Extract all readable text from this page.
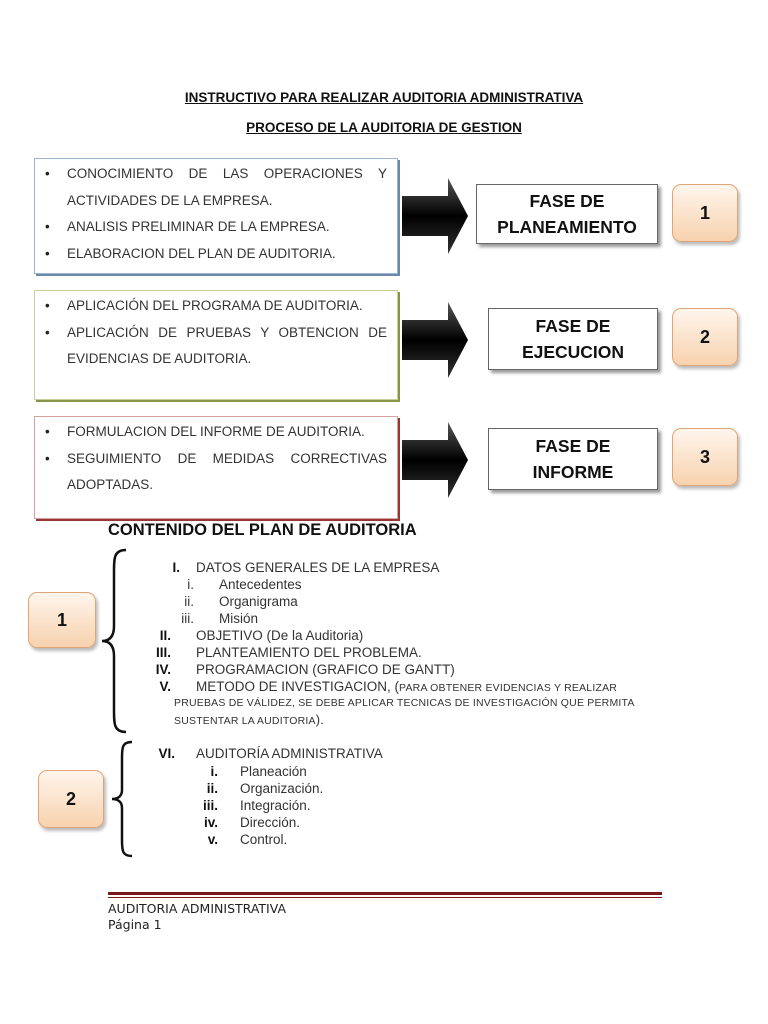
INSTRUCTIVO PARA REALIZAR AUDITORIA ADMINISTRATIVA
PROCESO DE LA AUDITORIA DE GESTION
• CONOCIMIENTO DE LAS OPERACIONES Y ACTIVIDADES DE LA EMPRESA.
• ANALISIS PRELIMINAR DE LA EMPRESA.
• ELABORACION DEL PLAN DE AUDITORIA.
FASE DE
PLANEAMIENTO
1
• APLICACIÓN DEL PROGRAMA DE AUDITORIA.
• APLICACIÓN DE PRUEBAS Y OBTENCION DE EVIDENCIAS DE AUDITORIA.
FASE DE
EJECUCION
2
• FORMULACION DEL INFORME DE AUDITORIA.
• SEGUIMIENTO DE MEDIDAS CORRECTIVAS ADOPTADAS.
FASE DE
INFORME
3
CONTENIDO DEL PLAN DE AUDITORIA
1
2
I. DATOS GENERALES DE LA EMPRESA
i. Antecedentes
ii. Organigrama
iii. Misión
II. OBJETIVO (De la Auditoria)
III. PLANTEAMIENTO DEL PROBLEMA.
IV. PROGRAMACION (GRAFICO DE GANTT)
V. METODO DE INVESTIGACION, (PARA OBTENER EVIDENCIAS Y REALIZAR
PRUEBAS DE VÁLIDEZ, SE DEBE APLICAR TECNICAS DE INVESTIGACIÓN QUE PERMITA
SUSTENTAR LA AUDITORIA).
VI. AUDITORÍA ADMINISTRATIVA
i. Planeación
ii. Organización.
iii. Integración.
iv. Dirección.
v. Control.
AUDITORIA ADMINISTRATIVA
Página 1
